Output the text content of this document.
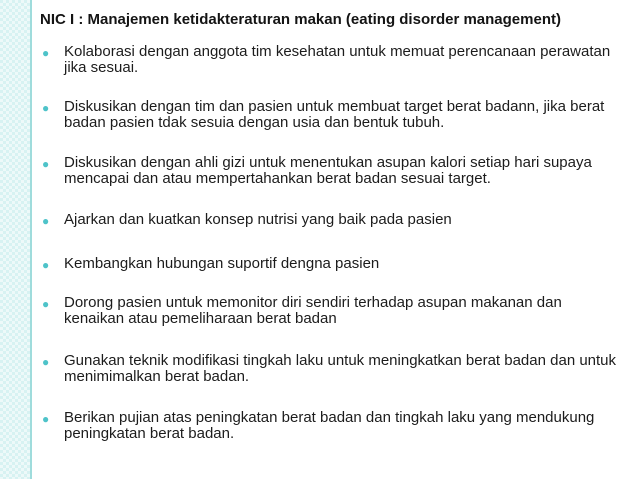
NIC I : Manajemen ketidakteraturan makan (eating disorder management)
● Kolaborasi dengan anggota tim kesehatan untuk memuat perencanaan perawatan jika sesuai.
● Diskusikan dengan tim dan pasien untuk membuat target berat badann, jika berat badan pasien tdak sesuia dengan usia dan bentuk tubuh.
● Diskusikan dengan ahli gizi untuk menentukan asupan kalori setiap hari supaya mencapai dan atau mempertahankan berat badan sesuai target.
● Ajarkan dan kuatkan konsep nutrisi yang baik pada pasien
● Kembangkan hubungan suportif dengna pasien
● Dorong pasien untuk memonitor diri sendiri terhadap asupan makanan dan kenaikan atau pemeliharaan berat badan
● Gunakan teknik modifikasi tingkah laku untuk meningkatkan berat badan dan untuk menimimalkan berat badan.
● Berikan pujian atas peningkatan berat badan dan tingkah laku yang mendukung peningkatan berat badan.
